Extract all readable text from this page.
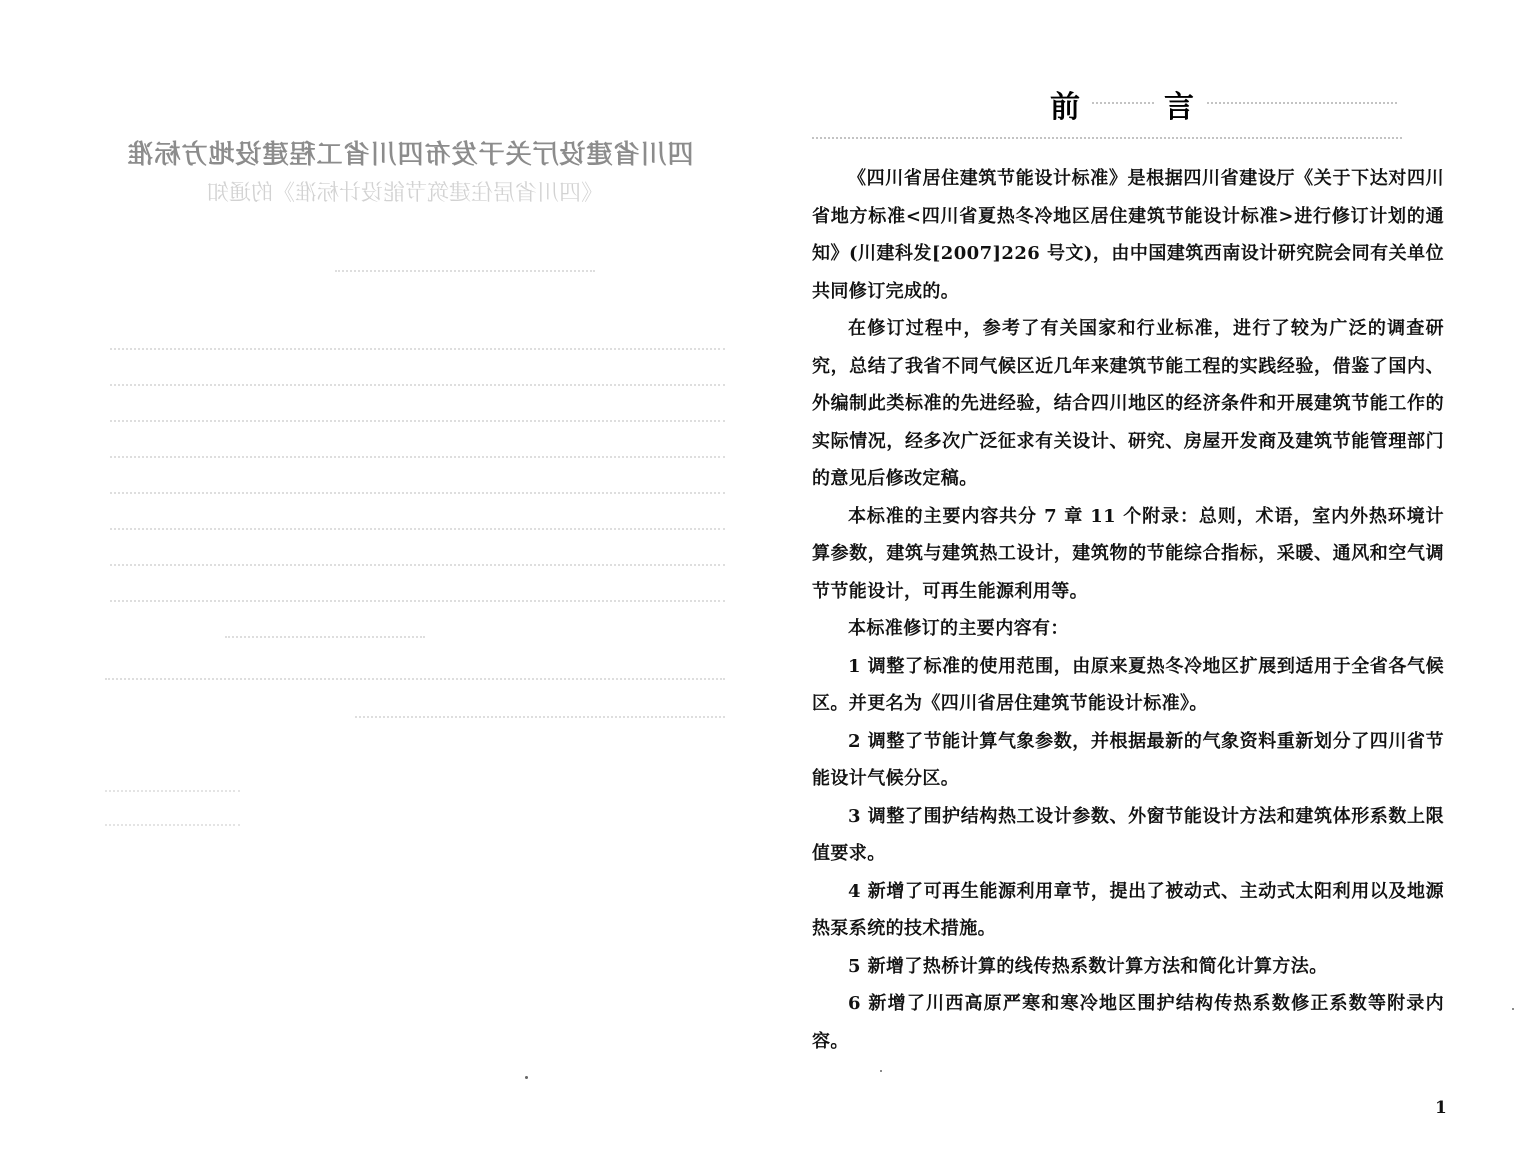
四川省建设厅关于发布四川省工程建设地方标准
《四川省居住建筑节能设计标准》的通知
前	言

《四川省居住建筑节能设计标准》是根据四川省建设厅《关于下达对四川省地方标准<四川省夏热冬冷地区居住建筑节能设计标准>进行修订计划的通知》(川建科发[2007]226 号文)，由中国建筑西南设计研究院会同有关单位共同修订完成的。

在修订过程中，参考了有关国家和行业标准，进行了较为广泛的调查研究，总结了我省不同气候区近几年来建筑节能工程的实践经验，借鉴了国内、外编制此类标准的先进经验，结合四川地区的经济条件和开展建筑节能工作的实际情况，经多次广泛征求有关设计、研究、房屋开发商及建筑节能管理部门的意见后修改定稿。

本标准的主要内容共分 7 章 11 个附录：总则，术语，室内外热环境计算参数，建筑与建筑热工设计，建筑物的节能综合指标，采暖、通风和空气调节节能设计，可再生能源利用等。

本标准修订的主要内容有：

1 调整了标准的使用范围，由原来夏热冬冷地区扩展到适用于全省各气候区。并更名为《四川省居住建筑节能设计标准》。

2 调整了节能计算气象参数，并根据最新的气象资料重新划分了四川省节能设计气候分区。

3 调整了围护结构热工设计参数、外窗节能设计方法和建筑体形系数上限值要求。

4 新增了可再生能源利用章节，提出了被动式、主动式太阳利用以及地源热泵系统的技术措施。

5 新增了热桥计算的线传热系数计算方法和简化计算方法。

6 新增了川西高原严寒和寒冷地区围护结构传热系数修正系数等附录内容。

1
